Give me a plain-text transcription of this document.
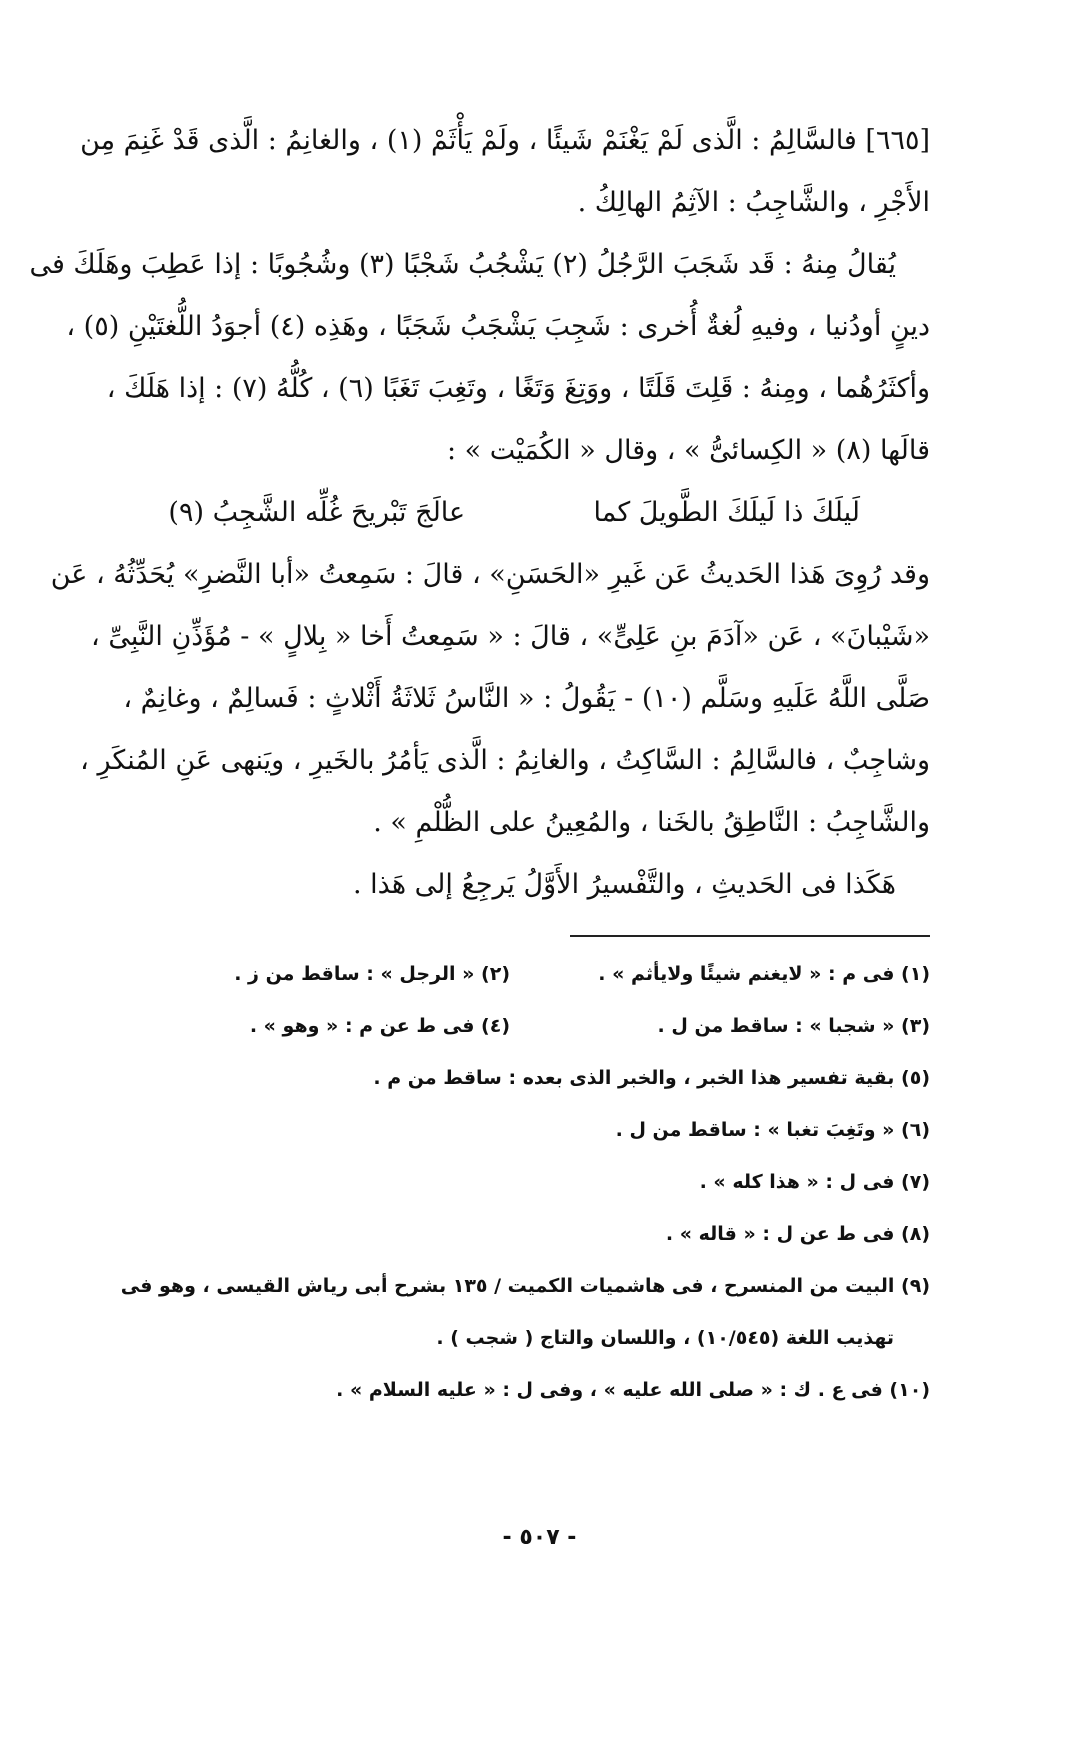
[٦٦٥] فالسَّالِمُ : الَّذى لَمْ يَغْنَمْ شَيئًا ، ولَمْ يَأْثَمْ (١) ، والغانِمُ : الَّذى قَدْ غَنِمَ مِن
الأَجْرِ ، والشَّاجِبُ : الآثِمُ الهالِكُ .
يُقالُ مِنهُ : قَد شَجَبَ الرَّجُلُ (٢) يَشْجُبُ شَجْبًا (٣) وشُجُوبًا : إذا عَطِبَ وهَلَكَ فى
دينٍ أودُنيا ، وفيهِ لُغةٌ أُخرى : شَجِبَ يَشْجَبُ شَجَبًا ، وهَذِه (٤) أجوَدُ اللُّغتَيْنِ (٥) ،
وأكثَرُهُما ، ومِنهُ : قَلِتَ قَلَتًا ، ووَتِغَ وَتَغًا ، وتَغِبَ تَغَبًا (٦) ، كُلُّهُ (٧) : إذا هَلَكَ ،
قالَها (٨) « الكِسائىُّ » ، وقال « الكُمَيْت » :
لَيلَكَ ذا لَيلَكَ الطَّويلَ كما
عالَجَ تَبْريحَ غُلِّه الشَّجِبُ (٩)
وقد رُوِىَ هَذا الحَديثُ عَن غَيرِ «الحَسَنِ» ، قالَ : سَمِعتُ «أبا النَّضرِ» يُحَدِّثُهُ ، عَن
«شَيْبانَ» ، عَن «آدَمَ بنِ عَلِىٍّ» ، قالَ : « سَمِعتُ أَخا « بِلالٍ » - مُؤَذِّنِ النَّبِىِّ ،
صَلَّى اللَّهُ عَلَيهِ وسَلَّم (١٠) - يَقُولُ : « النَّاسُ ثَلاثَةُ أَثْلاثٍ : فَسالِمٌ ، وغانِمٌ ،
وشاجِبٌ ، فالسَّالِمُ : السَّاكِتُ ، والغانِمُ : الَّذى يَأمُرُ بالخَيرِ ، ويَنهى عَنِ المُنكَرِ ،
والشَّاجِبُ : النَّاطِقُ بالخَنا ، والمُعِينُ على الظُّلْمِ » .
هَكَذا فى الحَديثِ ، والتَّفْسيرُ الأَوَّلُ يَرجِعُ إلى هَذا .
(١) فى م : « لايغنم شيئًا ولايأثم » .
(٢) « الرجل » : ساقط من ز .
(٣) « شجبا » : ساقط من ل .
(٤) فى ط عن م : « وهو » .
(٥) بقية تفسير هذا الخبر ، والخبر الذى بعده : ساقط من م .
(٦) « وتَغِبَ تغبا » : ساقط من ل .
(٧) فى ل : « هذا كله » .
(٨) فى ط عن ل : « قاله » .
(٩) البيت من المنسرح ، فى هاشميات الكميت / ١٣٥ بشرح أبى رياش القيسى ، وهو فى
تهذيب اللغة (١٠/٥٤٥) ، واللسان والتاج ( شجب ) .
(١٠) فى ع . ك : « صلى الله عليه » ، وفى ل : « عليه السلام » .
- ٥٠٧ -
